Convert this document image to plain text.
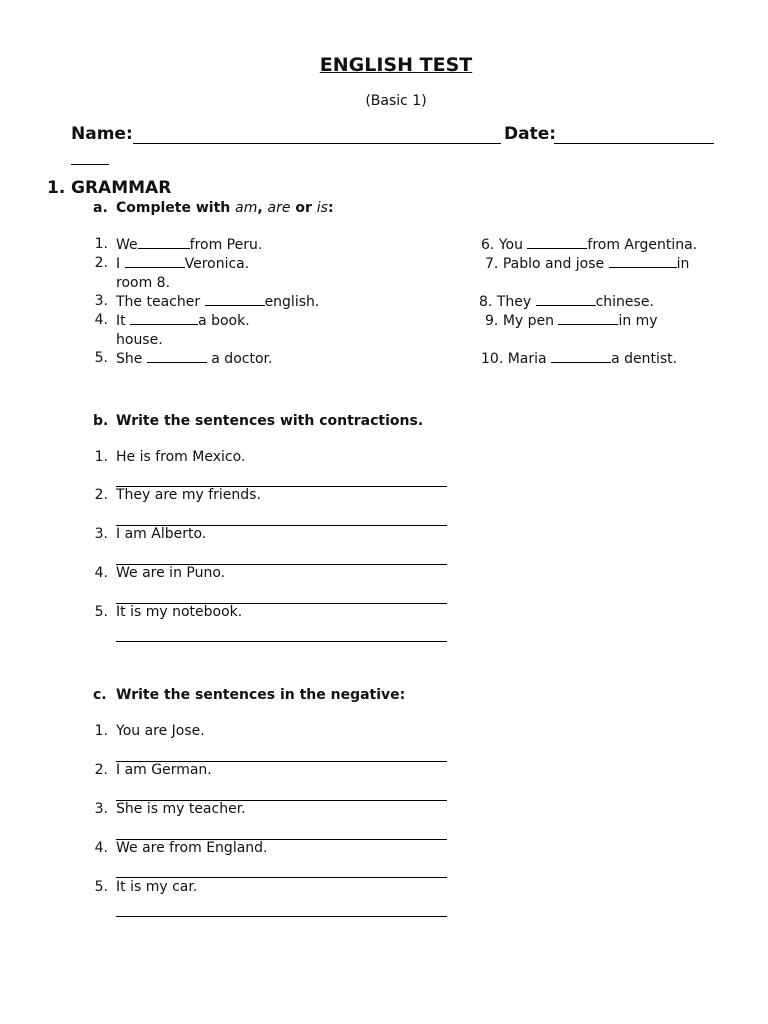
ENGLISH TEST
(Basic 1)
Name:	Date:
1. GRAMMAR
a. Complete with am, are or is:
1. We	from Peru.
2. I	Veronica.
room 8.
3. The teacher	english.
4. It	a book.
house.
5. She	a doctor.
6. You	from Argentina.
7. Pablo and jose	in
8. They	chinese.
9. My pen	in my
10. Maria	a dentist.
b. Write the sentences with contractions.
1. He is from Mexico.
2. They are my friends.
3. I am Alberto.
4. We are in Puno.
5. It is my notebook.
c. Write the sentences in the negative:
1. You are Jose.
2. I am German.
3. She is my teacher.
4. We are from England.
5. It is my car.
